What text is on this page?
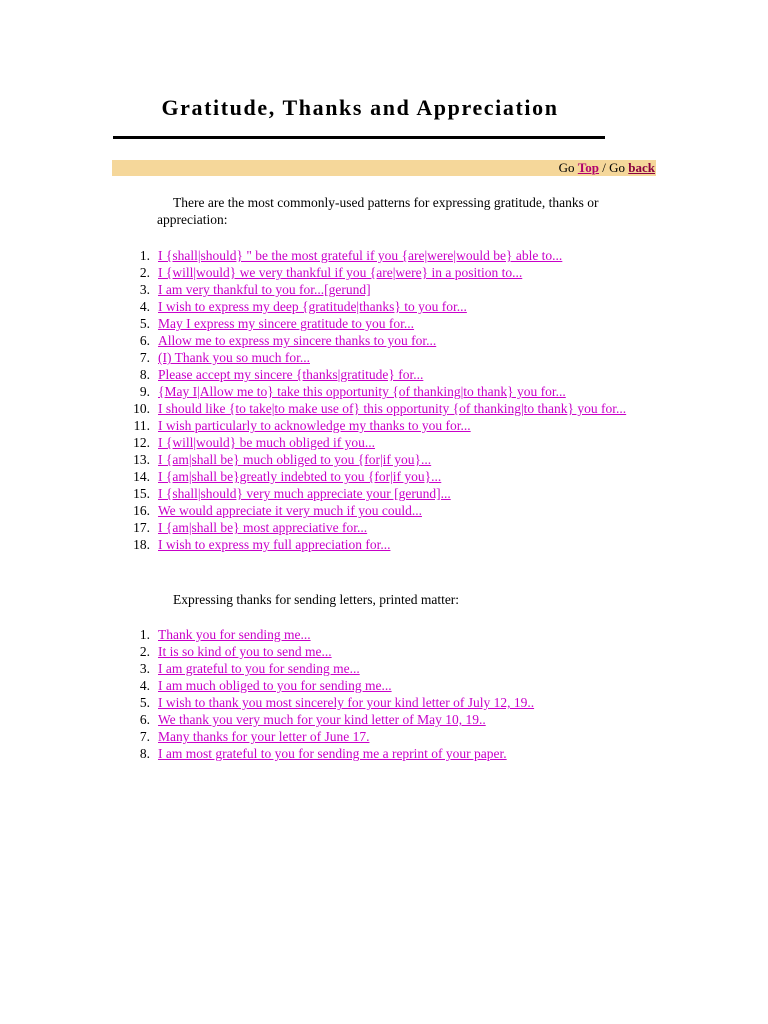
Gratitude, Thanks and Appreciation
Go Top / Go back

There are the most commonly-used patterns for expressing gratitude, thanks or appreciation:

1. I {shall|should} " be the most grateful if you {are|were|would be} able to...
2. I {will|would} we very thankful if you {are|were} in a position to...
3. I am very thankful to you for...[gerund]
4. I wish to express my deep {gratitude|thanks} to you for...
5. May I express my sincere gratitude to you for...
6. Allow me to express my sincere thanks to you for...
7. (I) Thank you so much for...
8. Please accept my sincere {thanks|gratitude} for...
9. {May I|Allow me to} take this opportunity {of thanking|to thank} you for...
10. I should like {to take|to make use of} this opportunity {of thanking|to thank} you for...
11. I wish particularly to acknowledge my thanks to you for...
12. I {will|would} be much obliged if you...
13. I {am|shall be} much obliged to you {for|if you}...
14. I {am|shall be}greatly indebted to you {for|if you}...
15. I {shall|should} very much appreciate your [gerund]...
16. We would appreciate it very much if you could...
17. I {am|shall be} most appreciative for...
18. I wish to express my full appreciation for...

Expressing thanks for sending letters, printed matter:

1. Thank you for sending me...
2. It is so kind of you to send me...
3. I am grateful to you for sending me...
4. I am much obliged to you for sending me...
5. I wish to thank you most sincerely for your kind letter of July 12, 19..
6. We thank you very much for your kind letter of May 10, 19..
7. Many thanks for your letter of June 17.
8. I am most grateful to you for sending me a reprint of your paper.
